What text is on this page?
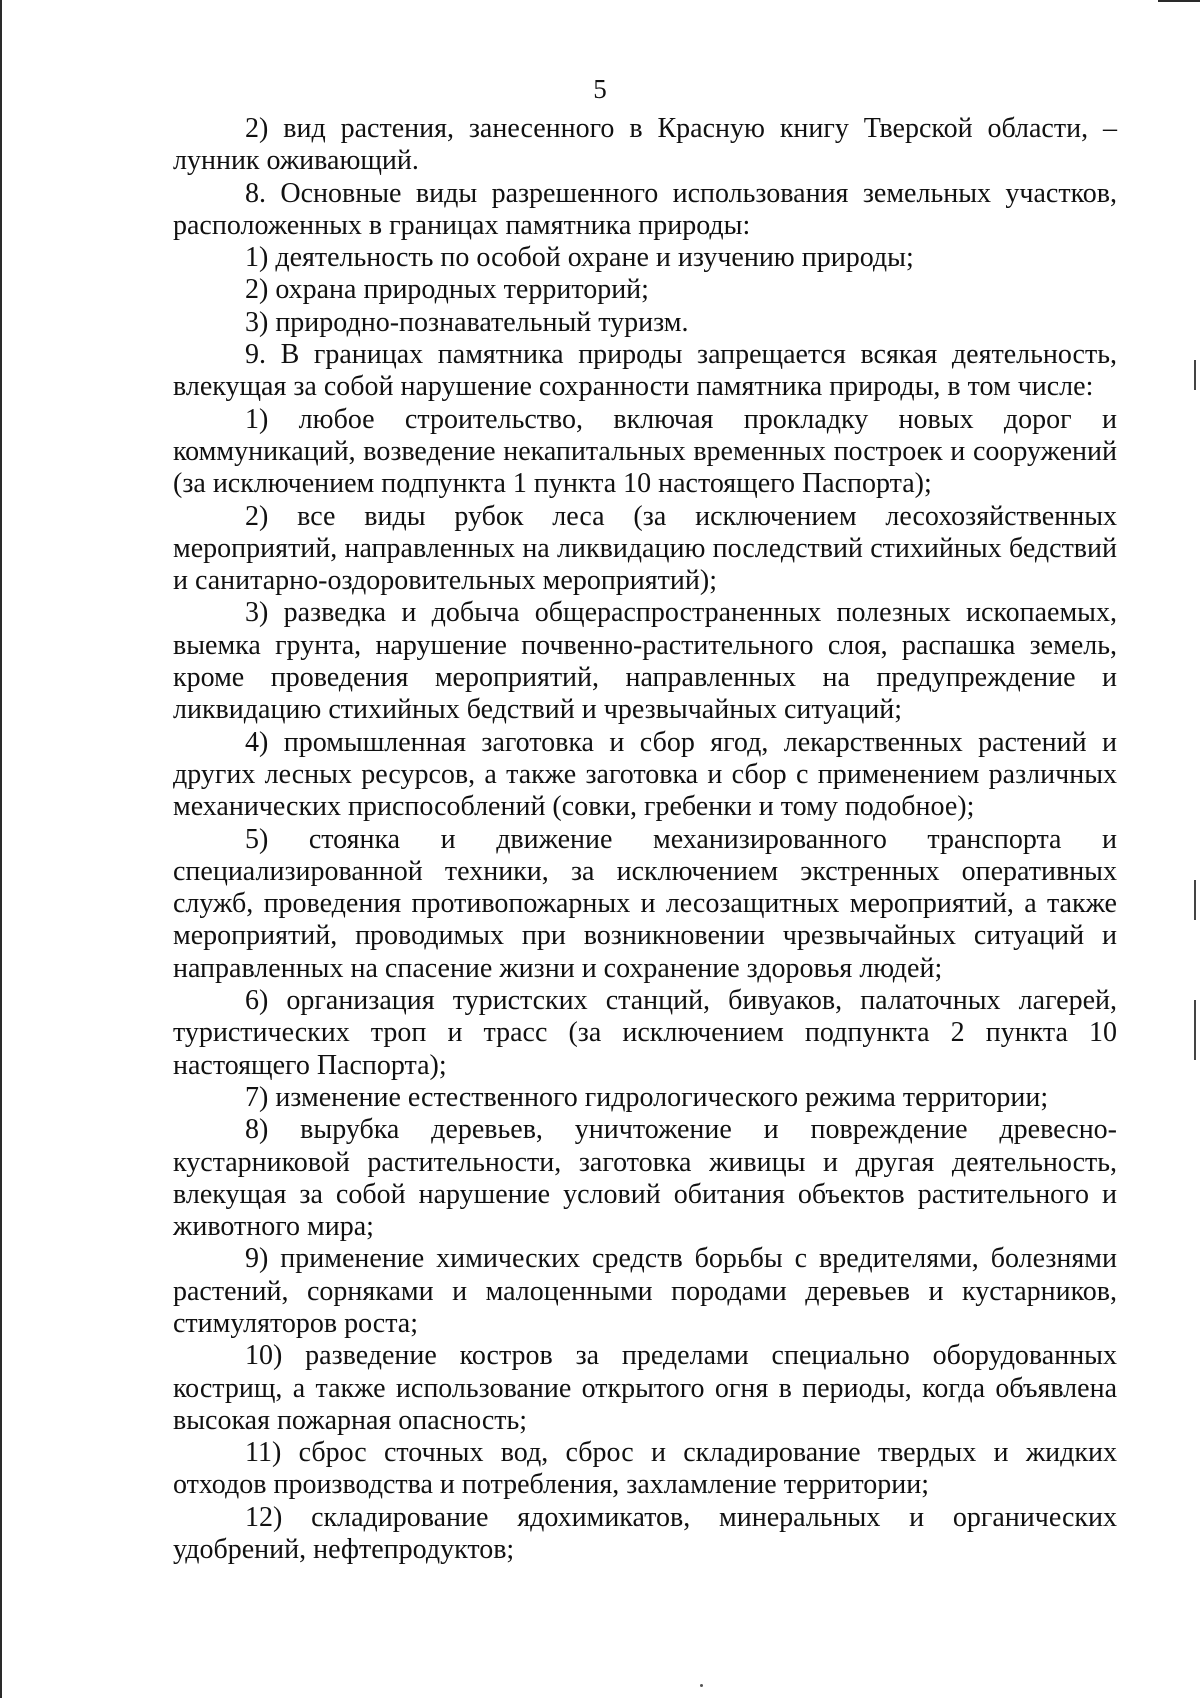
5

2) вид растения, занесенного в Красную книгу Тверской области, – лунник оживающий.

8. Основные виды разрешенного использования земельных участков, расположенных в границах памятника природы:

1) деятельность по особой охране и изучению природы;

2) охрана природных территорий;

3) природно-познавательный туризм.

9. В границах памятника природы запрещается всякая деятельность, влекущая за собой нарушение сохранности памятника природы, в том числе:

1) любое строительство, включая прокладку новых дорог и коммуникаций, возведение некапитальных временных построек и сооружений (за исключением подпункта 1 пункта 10 настоящего Паспорта);

2) все виды рубок леса (за исключением лесохозяйственных мероприятий, направленных на ликвидацию последствий стихийных бедствий и санитарно-оздоровительных мероприятий);

3) разведка и добыча общераспространенных полезных ископаемых, выемка грунта, нарушение почвенно-растительного слоя, распашка земель, кроме проведения мероприятий, направленных на предупреждение и ликвидацию стихийных бедствий и чрезвычайных ситуаций;

4) промышленная заготовка и сбор ягод, лекарственных растений и других лесных ресурсов, а также заготовка и сбор с применением различных механических приспособлений (совки, гребенки и тому подобное);

5) стоянка и движение механизированного транспорта и специализированной техники, за исключением экстренных оперативных служб, проведения противопожарных и лесозащитных мероприятий, а также мероприятий, проводимых при возникновении чрезвычайных ситуаций и направленных на спасение жизни и сохранение здоровья людей;

6) организация туристских станций, бивуаков, палаточных лагерей, туристических троп и трасс (за исключением подпункта 2 пункта 10 настоящего Паспорта);

7) изменение естественного гидрологического режима территории;

8) вырубка деревьев, уничтожение и повреждение древесно-кустарниковой растительности, заготовка живицы и другая деятельность, влекущая за собой нарушение условий обитания объектов растительного и животного мира;

9) применение химических средств борьбы с вредителями, болезнями растений, сорняками и малоценными породами деревьев и кустарников, стимуляторов роста;

10) разведение костров за пределами специально оборудованных кострищ, а также использование открытого огня в периоды, когда объявлена высокая пожарная опасность;

11) сброс сточных вод, сброс и складирование твердых и жидких отходов производства и потребления, захламление территории;

12) складирование ядохимикатов, минеральных и органических удобрений, нефтепродуктов;
